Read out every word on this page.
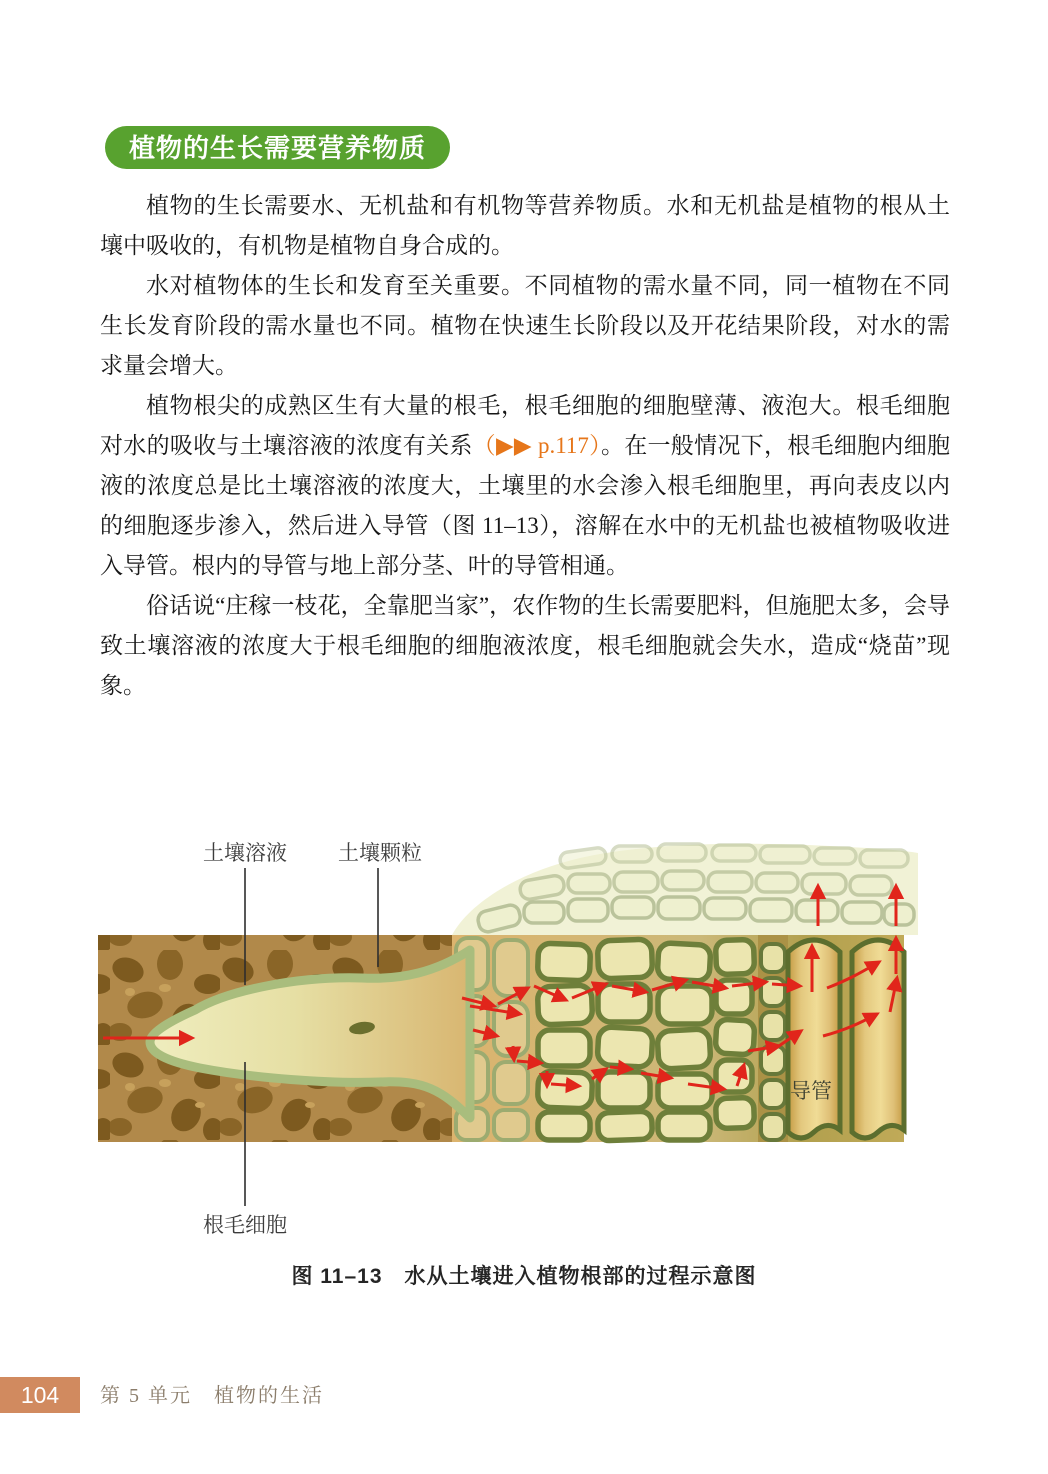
植物的生长需要营养物质

植物的生长需要水、无机盐和有机物等营养物质。水和无机盐是植物的根从土壤中吸收的，有机物是植物自身合成的。

水对植物体的生长和发育至关重要。不同植物的需水量不同，同一植物在不同生长发育阶段的需水量也不同。植物在快速生长阶段以及开花结果阶段，对水的需求量会增大。

植物根尖的成熟区生有大量的根毛，根毛细胞的细胞壁薄、液泡大。根毛细胞对水的吸收与土壤溶液的浓度有关系（▶▶ p.117）。在一般情况下，根毛细胞内细胞液的浓度总是比土壤溶液的浓度大，土壤里的水会渗入根毛细胞里，再向表皮以内的细胞逐步渗入，然后进入导管（图 11–13），溶解在水中的无机盐也被植物吸收进入导管。根内的导管与地上部分茎、叶的导管相通。

俗话说“庄稼一枝花，全靠肥当家”，农作物的生长需要肥料，但施肥太多，会导致土壤溶液的浓度大于根毛细胞的细胞液浓度，根毛细胞就会失水，造成“烧苗”现象。

土壤溶液 土壤颗粒
根毛细胞
导管
图 11–13　水从土壤进入植物根部的过程示意图
104	第 5 单元　植物的生活
